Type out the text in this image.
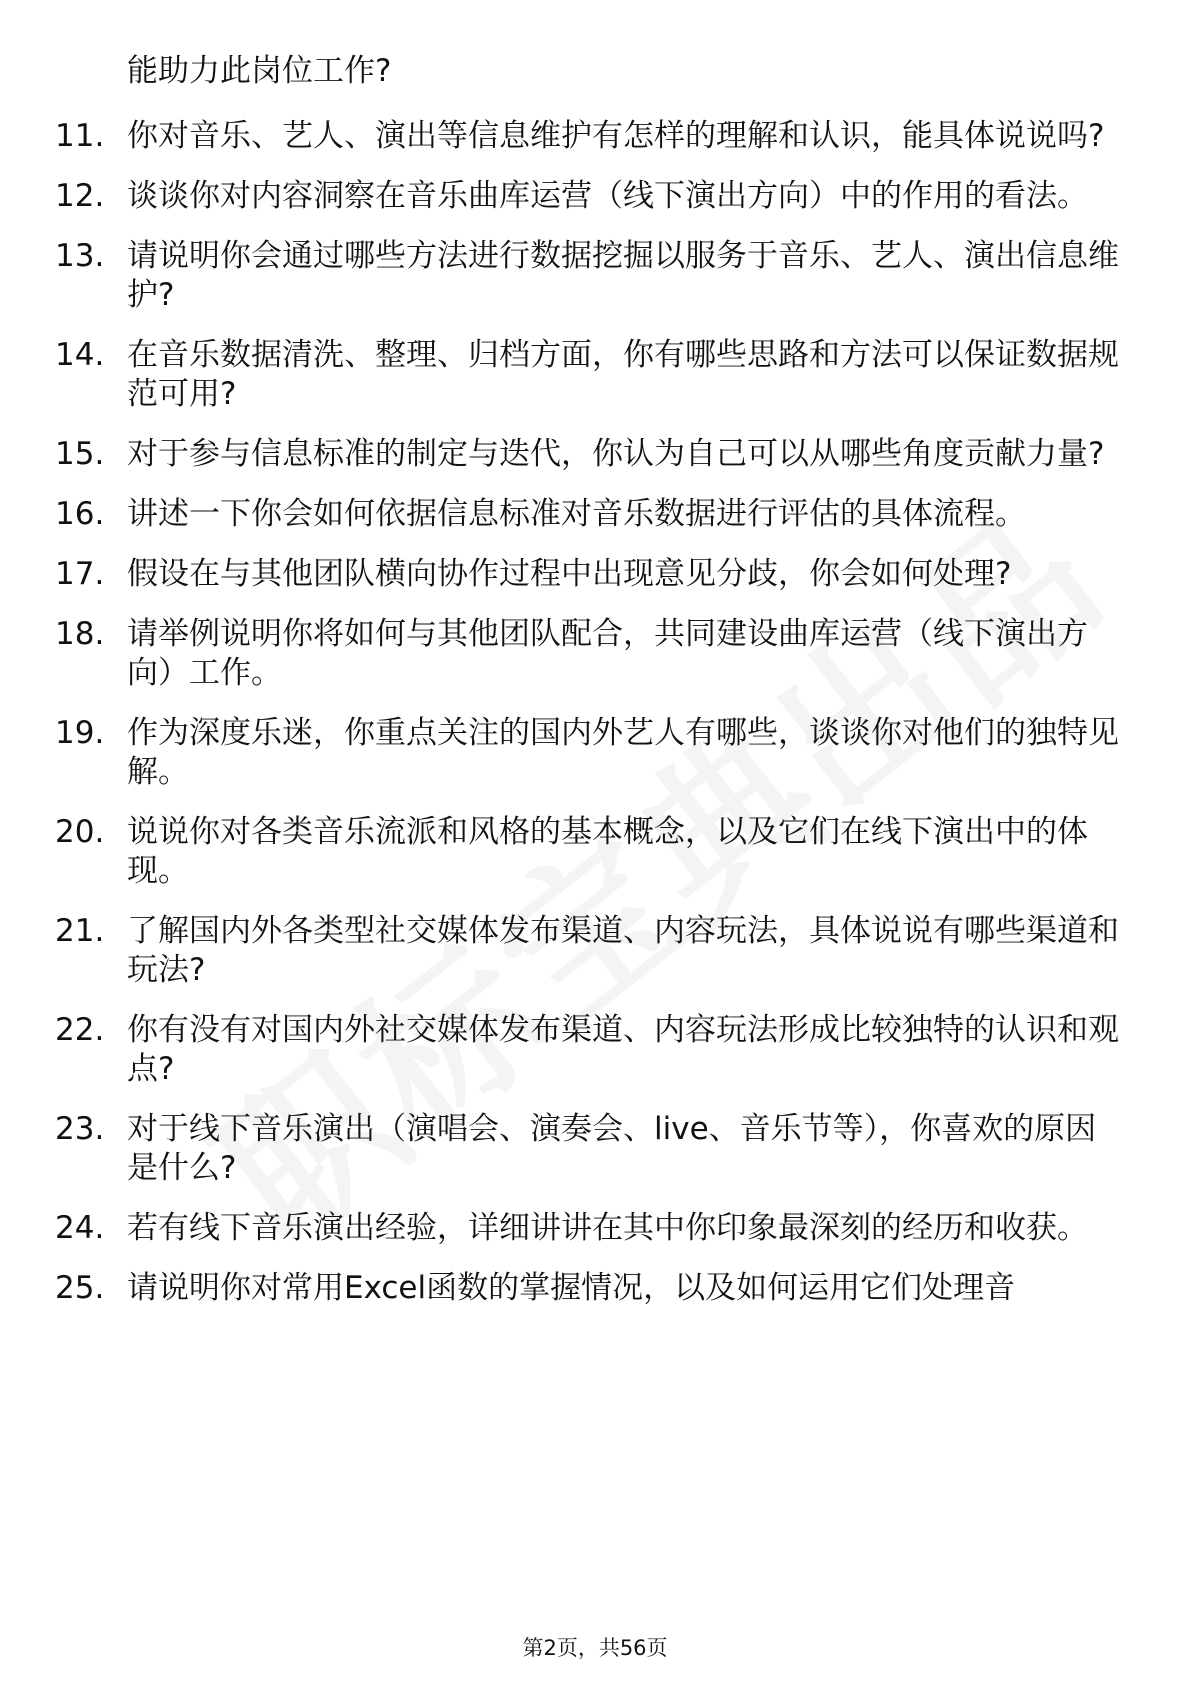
能助力此岗位工作?
11. 你对音乐、艺人、演出等信息维护有怎样的理解和认识，能具体说说吗?
12. 谈谈你对内容洞察在音乐曲库运营（线下演出方向）中的作用的看法。
13. 请说明你会通过哪些方法进行数据挖掘以服务于音乐、艺人、演出信息维护?
14. 在音乐数据清洗、整理、归档方面，你有哪些思路和方法可以保证数据规范可用?
15. 对于参与信息标准的制定与迭代，你认为自己可以从哪些角度贡献力量?
16. 讲述一下你会如何依据信息标准对音乐数据进行评估的具体流程。
17. 假设在与其他团队横向协作过程中出现意见分歧，你会如何处理?
18. 请举例说明你将如何与其他团队配合，共同建设曲库运营（线下演出方向）工作。
19. 作为深度乐迷，你重点关注的国内外艺人有哪些，谈谈你对他们的独特见解。
20. 说说你对各类音乐流派和风格的基本概念，以及它们在线下演出中的体现。
21. 了解国内外各类型社交媒体发布渠道、内容玩法，具体说说有哪些渠道和玩法?
22. 你有没有对国内外社交媒体发布渠道、内容玩法形成比较独特的认识和观点?
23. 对于线下音乐演出（演唱会、演奏会、live、音乐节等），你喜欢的原因是什么?
24. 若有线下音乐演出经验，详细讲讲在其中你印象最深刻的经历和收获。
25. 请说明你对常用Excel函数的掌握情况，以及如何运用它们处理音
第2页，共56页
